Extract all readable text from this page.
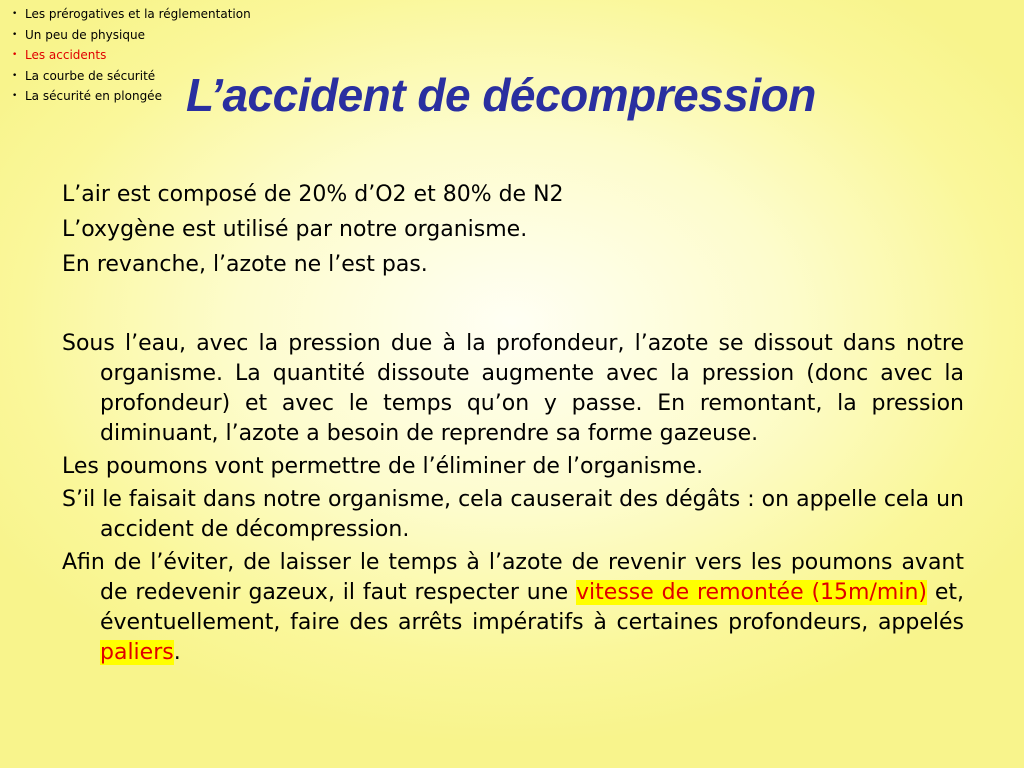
• Les prérogatives et la réglementation
• Un peu de physique
• Les accidents
• La courbe de sécurité
• La sécurité en plongée L’accident de décompression

L’air est composé de 20% d’O2 et 80% de N2

L’oxygène est utilisé par notre organisme.

En revanche, l’azote ne l’est pas.

Sous l’eau, avec la pression due à la profondeur, l’azote se dissout dans notre organisme. La quantité dissoute augmente avec la pression (donc avec la profondeur) et avec le temps qu’on y passe. En remontant, la pression diminuant, l’azote a besoin de reprendre sa forme gazeuse.

Les poumons vont permettre de l’éliminer de l’organisme.

S’il le faisait dans notre organisme, cela causerait des dégâts : on appelle cela un accident de décompression.

Afin de l’éviter, de laisser le temps à l’azote de revenir vers les poumons avant de redevenir gazeux, il faut respecter une vitesse de remontée (15m/min) et, éventuellement, faire des arrêts impératifs à certaines profondeurs, appelés paliers.
